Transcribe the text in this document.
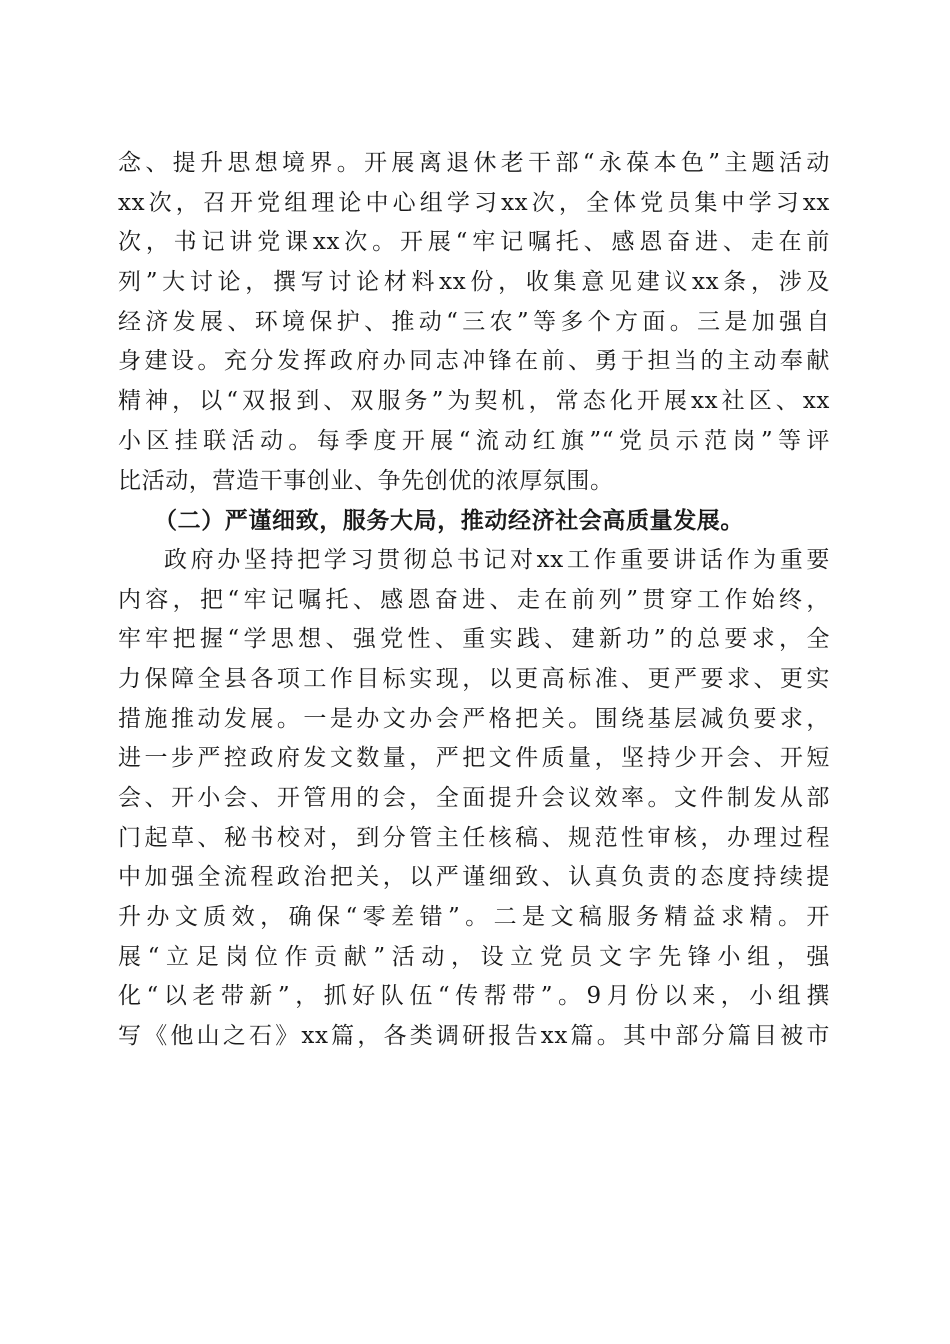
念、提升思想境界。开展离退休老干部“永葆本色”主题活动
xx次，召开党组理论中心组学习xx次，全体党员集中学习xx
次，书记讲党课xx次。开展“牢记嘱托、感恩奋进、走在前
列”大讨论，撰写讨论材料xx份，收集意见建议xx条，涉及
经济发展、环境保护、推动“三农”等多个方面。三是加强自
身建设。充分发挥政府办同志冲锋在前、勇于担当的主动奉献
精神，以“双报到、双服务”为契机，常态化开展xx社区、xx
小区挂联活动。每季度开展“流动红旗”“党员示范岗”等评
比活动，营造干事创业、争先创优的浓厚氛围。
（二）严谨细致，服务大局，推动经济社会高质量发展。
政府办坚持把学习贯彻总书记对xx工作重要讲话作为重要
内容，把“牢记嘱托、感恩奋进、走在前列”贯穿工作始终，
牢牢把握“学思想、强党性、重实践、建新功”的总要求，全
力保障全县各项工作目标实现，以更高标准、更严要求、更实
措施推动发展。一是办文办会严格把关。围绕基层减负要求，
进一步严控政府发文数量，严把文件质量，坚持少开会、开短
会、开小会、开管用的会，全面提升会议效率。文件制发从部
门起草、秘书校对，到分管主任核稿、规范性审核，办理过程
中加强全流程政治把关，以严谨细致、认真负责的态度持续提
升办文质效，确保“零差错”。二是文稿服务精益求精。开
展“立足岗位作贡献”活动，设立党员文字先锋小组，强
化“以老带新”，抓好队伍“传帮带”。9月份以来，小组撰
写《他山之石》xx篇，各类调研报告xx篇。其中部分篇目被市
